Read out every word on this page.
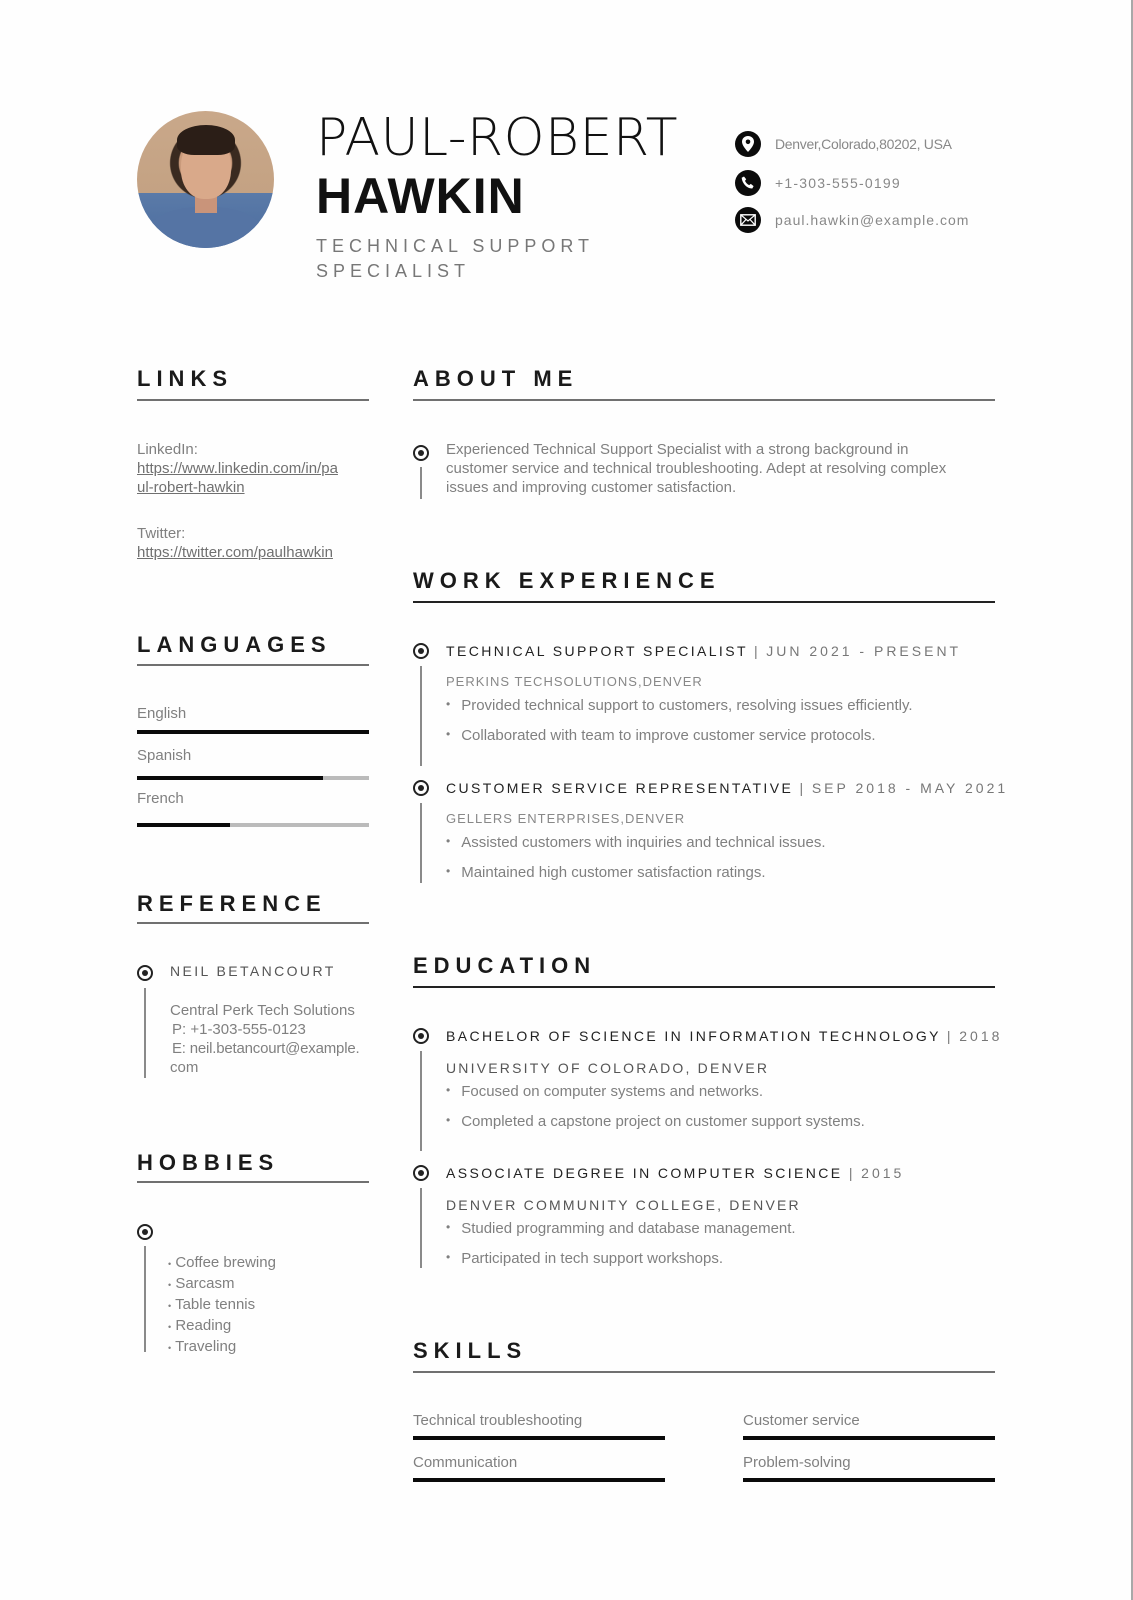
PAUL-ROBERT
HAWKIN
TECHNICAL SUPPORT SPECIALIST
Denver,Colorado,80202, USA
+1-303-555-0199
paul.hawkin@example.com
LINKS
LinkedIn:
https://www.linkedin.com/in/pa
ul-robert-hawkin
Twitter:
https://twitter.com/paulhawkin
LANGUAGES
English
Spanish
French
REFERENCE
NEIL BETANCOURT
Central Perk Tech Solutions
P: +1-303-555-0123
E: neil.betancourt@example.
com
HOBBIES
• Coffee brewing
• Sarcasm
• Table tennis
• Reading
• Traveling
ABOUT ME
Experienced Technical Support Specialist with a strong background in
customer service and technical troubleshooting. Adept at resolving complex
issues and improving customer satisfaction.
WORK EXPERIENCE
TECHNICAL SUPPORT SPECIALIST | JUN 2021 - PRESENT
PERKINS TECHSOLUTIONS,DENVER
• Provided technical support to customers, resolving issues efficiently.
• Collaborated with team to improve customer service protocols.
CUSTOMER SERVICE REPRESENTATIVE | SEP 2018 - MAY 2021
GELLERS ENTERPRISES,DENVER
• Assisted customers with inquiries and technical issues.
• Maintained high customer satisfaction ratings.
EDUCATION
BACHELOR OF SCIENCE IN INFORMATION TECHNOLOGY | 2018
UNIVERSITY OF COLORADO, DENVER
• Focused on computer systems and networks.
• Completed a capstone project on customer support systems.
ASSOCIATE DEGREE IN COMPUTER SCIENCE | 2015
DENVER COMMUNITY COLLEGE, DENVER
• Studied programming and database management.
• Participated in tech support workshops.
SKILLS
Technical troubleshooting	Customer service
Communication	Problem-solving
